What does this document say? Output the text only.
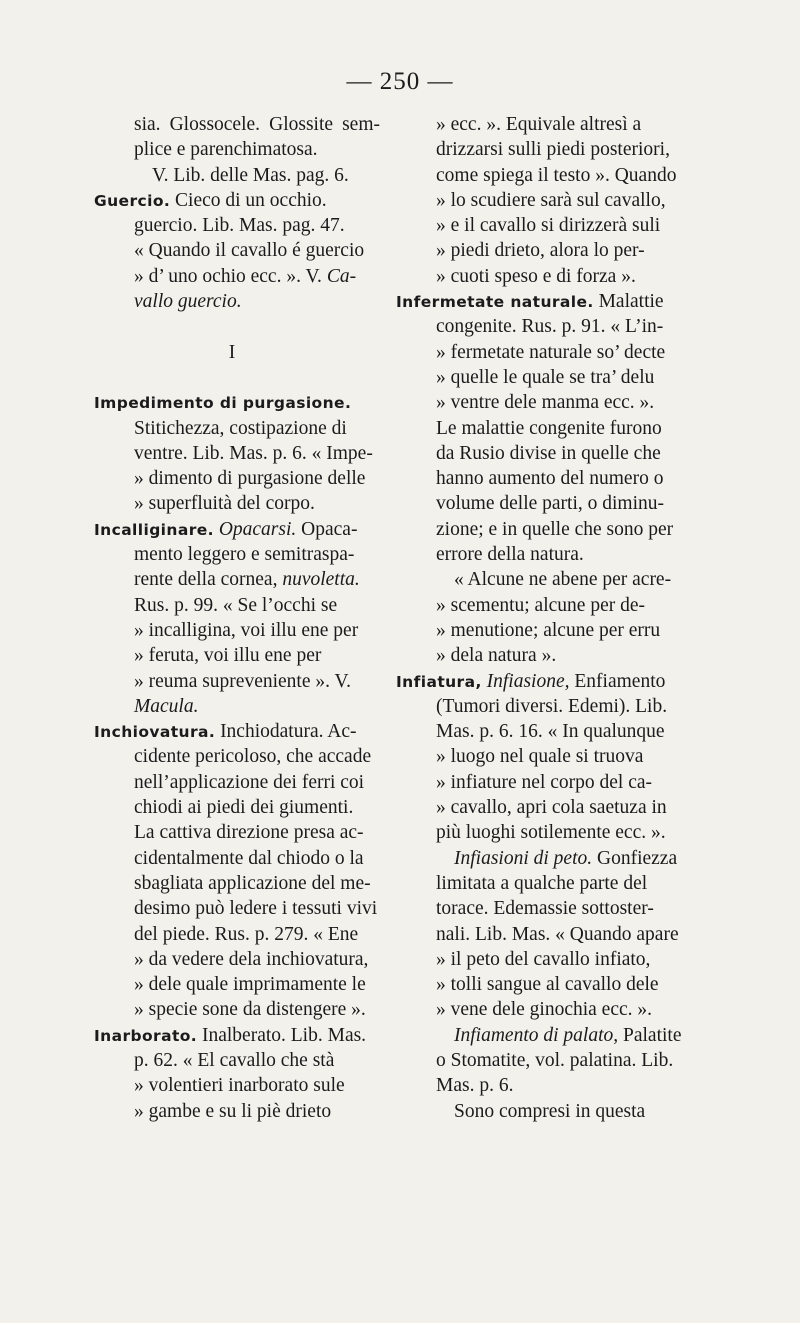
— 250 —
sia. Glossocele. Glossite sem-
plice e parenchimatosa.
V. Lib. delle Mas. pag. 6.
Guercio. Cieco di un occhio.
guercio. Lib. Mas. pag. 47.
« Quando il cavallo é guercio
» d’ uno ochio ecc. ». V. Ca-
vallo guercio.
I
Impedimento di purgasione.
Stitichezza, costipazione di
ventre. Lib. Mas. p. 6. « Impe-
» dimento di purgasione delle
» superfluità del corpo.
Incalliginare. Opacarsi. Opaca-
mento leggero e semitraspa-
rente della cornea, nuvoletta.
Rus. p. 99. « Se l’occhi se
» incalligina, voi illu ene per
» feruta, voi illu ene per
» reuma supreveniente ». V.
Macula.
Inchiovatura. Inchiodatura. Ac-
cidente pericoloso, che accade
nell’applicazione dei ferri coi
chiodi ai piedi dei giumenti.
La cattiva direzione presa ac-
cidentalmente dal chiodo o la
sbagliata applicazione del me-
desimo può ledere i tessuti vivi
del piede. Rus. p. 279. « Ene
» da vedere dela inchiovatura,
» dele quale imprimamente le
» specie sone da distengere ».
Inarborato. Inalberato. Lib. Mas.
p. 62. « El cavallo che stà
» volentieri inarborato sule
» gambe e su li piè drieto
» ecc. ». Equivale altresì a
drizzarsi sulli piedi posteriori,
come spiega il testo ». Quando
» lo scudiere sarà sul cavallo,
» e il cavallo si dirizzerà suli
» piedi drieto, alora lo per-
» cuoti speso e di forza ».
Infermetate naturale. Malattie
congenite. Rus. p. 91. « L’in-
» fermetate naturale so’ decte
» quelle le quale se tra’ delu
» ventre dele manma ecc. ».
Le malattie congenite furono
da Rusio divise in quelle che
hanno aumento del numero o
volume delle parti, o diminu-
zione; e in quelle che sono per
errore della natura.
« Alcune ne abene per acre-
» scementu; alcune per de-
» menutione; alcune per erru
» dela natura ».
Infiatura, Infiasione, Enfiamento
(Tumori diversi. Edemi). Lib.
Mas. p. 6. 16. « In qualunque
» luogo nel quale si truova
» infiature nel corpo del ca-
» cavallo, apri cola saetuza in
più luoghi sotilemente ecc. ».
Infiasioni di peto. Gonfiezza
limitata a qualche parte del
torace. Edemassie sottoster-
nali. Lib. Mas. « Quando apare
» il peto del cavallo infiato,
» tolli sangue al cavallo dele
» vene dele ginochia ecc. ».
Infiamento di palato, Palatite
o Stomatite, vol. palatina. Lib.
Mas. p. 6.
Sono compresi in questa
